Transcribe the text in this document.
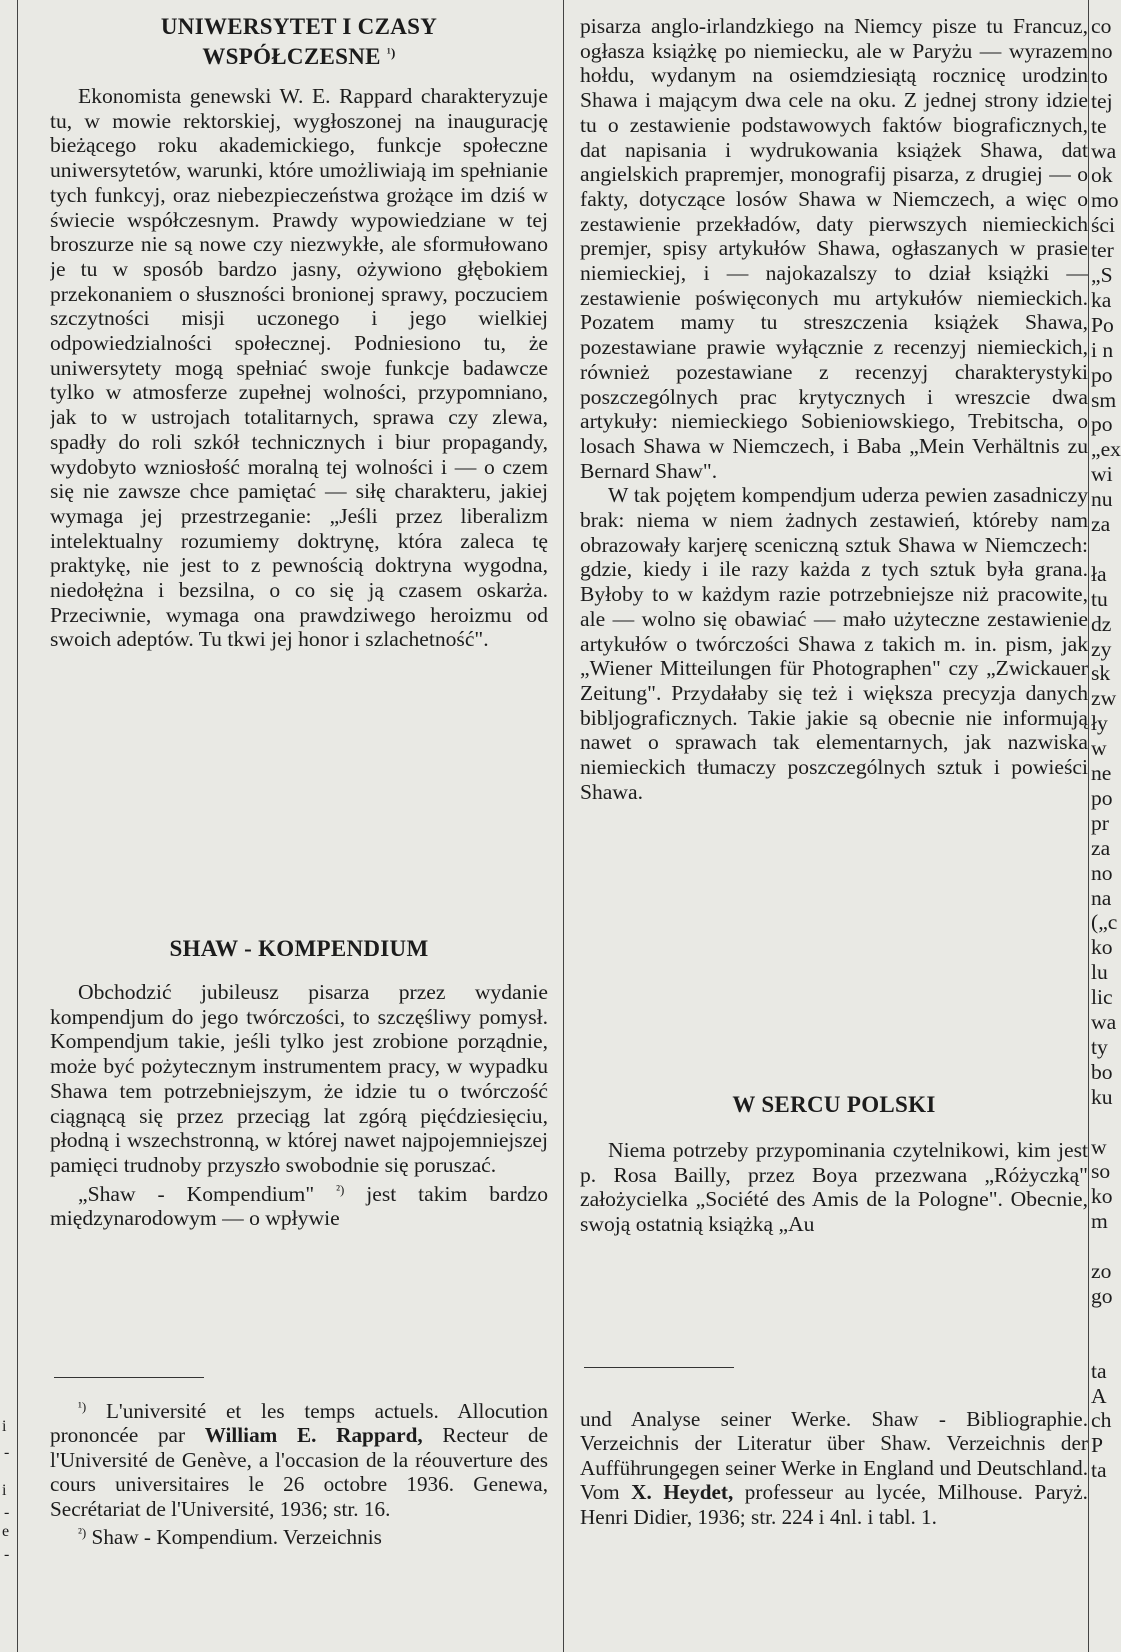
i
-
i
-
e
-

UNIWERSYTET I CZASY

WSPÓŁCZESNE $^{^1)}$

Ekonomista genewski W. E. Rappard charakteryzuje tu, w mowie rektorskiej, wygłoszonej na inaugurację bieżącego roku akademickiego, funkcje społeczne uniwersytetów, warunki, które umożliwiają im spełnianie tych funkcyj, oraz niebezpieczeństwa grożące im dziś w świecie współczesnym. Prawdy wypowiedziane w tej broszurze nie są nowe czy niezwykłe, ale sformułowano je tu w sposób bardzo jasny, ożywiono głębokiem przekonaniem o słuszności bronionej sprawy, poczuciem szczytności misji uczonego i jego wielkiej odpowiedzialności społecznej. Podniesiono tu, że uniwersytety mogą spełniać swoje funkcje badawcze tylko w atmosferze zupełnej wolności, przypomniano, jak to w ustrojach totalitarnych, sprawa czy zlewa, spadły do roli szkół technicznych i biur propagandy, wydobyto wzniosłość moralną tej wolności i — o czem się nie zawsze chce pamiętać — siłę charakteru, jakiej wymaga jej przestrzeganie: „Jeśli przez liberalizm intelektualny rozumiemy doktrynę, która zaleca tę praktykę, nie jest to z pewnością doktryna wygodna, niedołężna i bezsilna, o co się ją czasem oskarża. Przeciwnie, wymaga ona prawdziwego heroizmu od swoich adeptów. Tu tkwi jej honor i szlachetność".

SHAW - KOMPENDIUM

Obchodzić jubileusz pisarza przez wydanie kompendjum do jego twórczości, to szczęśliwy pomysł. Kompendjum takie, jeśli tylko jest zrobione porządnie, może być pożytecznym instrumentem pracy, w wypadku Shawa tem potrzebniejszym, że idzie tu o twórczość ciągnącą się przez przeciąg lat zgórą pięćdziesięciu, płodną i wszechstronną, w której nawet najpojemniejszej pamięci trudnoby przyszło swobodnie się poruszać.

„Shaw - Kompendium" $^{^2)}$ jest takim bardzo międzynarodowym — o wpływie

$^{^1)}$ L'université et les temps actuels. Allocution prononcée par William E. Rappard, Recteur de l'Université de Genève, a l'occasion de la réouverture des cours universitaires le 26 octobre 1936. Genewa, Secrétariat de l'Université, 1936; str. 16.

$^{^2)}$ Shaw - Kompendium. Verzeichnis

pisarza anglo-irlandzkiego na Niemcy pisze tu Francuz, ogłasza książkę po niemiecku, ale w Paryżu — wyrazem hołdu, wydanym na osiemdziesiątą rocznicę urodzin Shawa i mającym dwa cele na oku. Z jednej strony idzie tu o zestawienie podstawowych faktów biograficznych, dat napisania i wydrukowania książek Shawa, dat angielskich prapremjer, monografij pisarza, z drugiej — o fakty, dotyczące losów Shawa w Niemczech, a więc o zestawienie przekładów, daty pierwszych niemieckich premjer, spisy artykułów Shawa, ogłaszanych w prasie niemieckiej, i — najokazalszy to dział książki — zestawienie poświęconych mu artykułów niemieckich. Pozatem mamy tu streszczenia książek Shawa, pozestawiane prawie wyłącznie z recenzyj niemieckich, również pozestawiane z recenzyj charakterystyki poszczególnych prac krytycznych i wreszcie dwa artykuły: niemieckiego Sobieniowskiego, Trebitscha, o losach Shawa w Niemczech, i Baba „Mein Verhältnis zu Bernard Shaw".

W tak pojętem kompendjum uderza pewien zasadniczy brak: niema w niem żadnych zestawień, któreby nam obrazowały karjerę sceniczną sztuk Shawa w Niemczech: gdzie, kiedy i ile razy każda z tych sztuk była grana. Byłoby to w każdym razie potrzebniejsze niż pracowite, ale — wolno się obawiać — mało użyteczne zestawienie artykułów o twórczości Shawa z takich m. in. pism, jak „Wiener Mitteilungen für Photographen" czy „Zwickauer Zeitung". Przydałaby się też i większa precyzja danych bibljograficznych. Takie jakie są obecnie nie informują nawet o sprawach tak elementarnych, jak nazwiska niemieckich tłumaczy poszczególnych sztuk i powieści Shawa.

W SERCU POLSKI

Niema potrzeby przypominania czytelnikowi, kim jest p. Rosa Bailly, przez Boya przezwana „Różyczką" założycielka „Société des Amis de la Pologne". Obecnie, swoją ostatnią książką „Au

und Analyse seiner Werke. Shaw - Bibliographie. Verzeichnis der Literatur über Shaw. Verzeichnis der Aufführungegen seiner Werke in England und Deutschland. Vom X. Heydet, professeur au lycée, Milhouse. Paryż. Henri Didier, 1936; str. 224 i 4nl. i tabl. 1.

co
no
to
tej
te
wa
ok
mo
ści
ter
„S
ka
Po
i n
po
sm
po
„ex
wi
nu
za
ła
tu
dz
zy
sk
zw
ły
w
ne
po
pr
za
no
na
(„c
ko
lu
lic
wa
ty
bo
ku
w
so
ko
m
zo
go
ta
A
ch
P
ta
